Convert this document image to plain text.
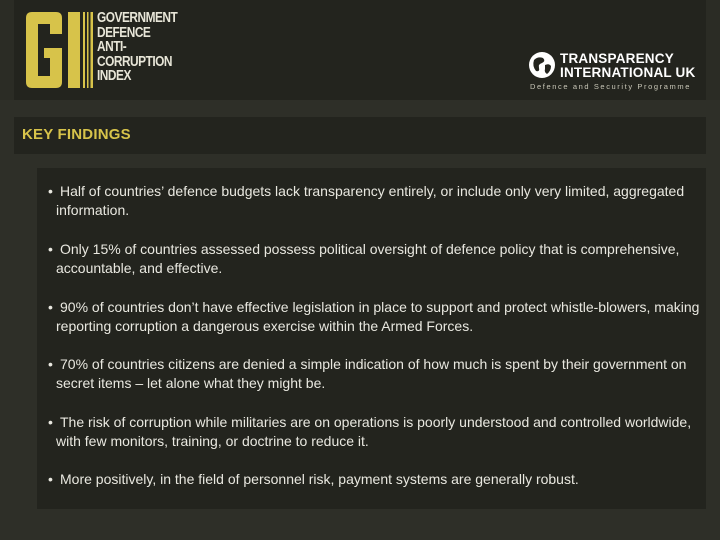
GOVERNMENT
DEFENCE
ANTI-
CORRUPTION
INDEX
TRANSPARENCY
INTERNATIONAL UK
Defence and Security Programme
KEY FINDINGS
• Half of countries’ defence budgets lack transparency entirely, or include only very limited, aggregated information.
• Only 15% of countries assessed possess political oversight of defence policy that is comprehensive, accountable, and effective.
• 90% of countries don’t have effective legislation in place to support and protect whistle-blowers, making reporting corruption a dangerous exercise within the Armed Forces.
• 70% of countries citizens are denied a simple indication of how much is spent by their government on secret items – let alone what they might be.
• The risk of corruption while militaries are on operations is poorly understood and controlled worldwide, with few monitors, training, or doctrine to reduce it.
• More positively, in the field of personnel risk, payment systems are generally robust.
